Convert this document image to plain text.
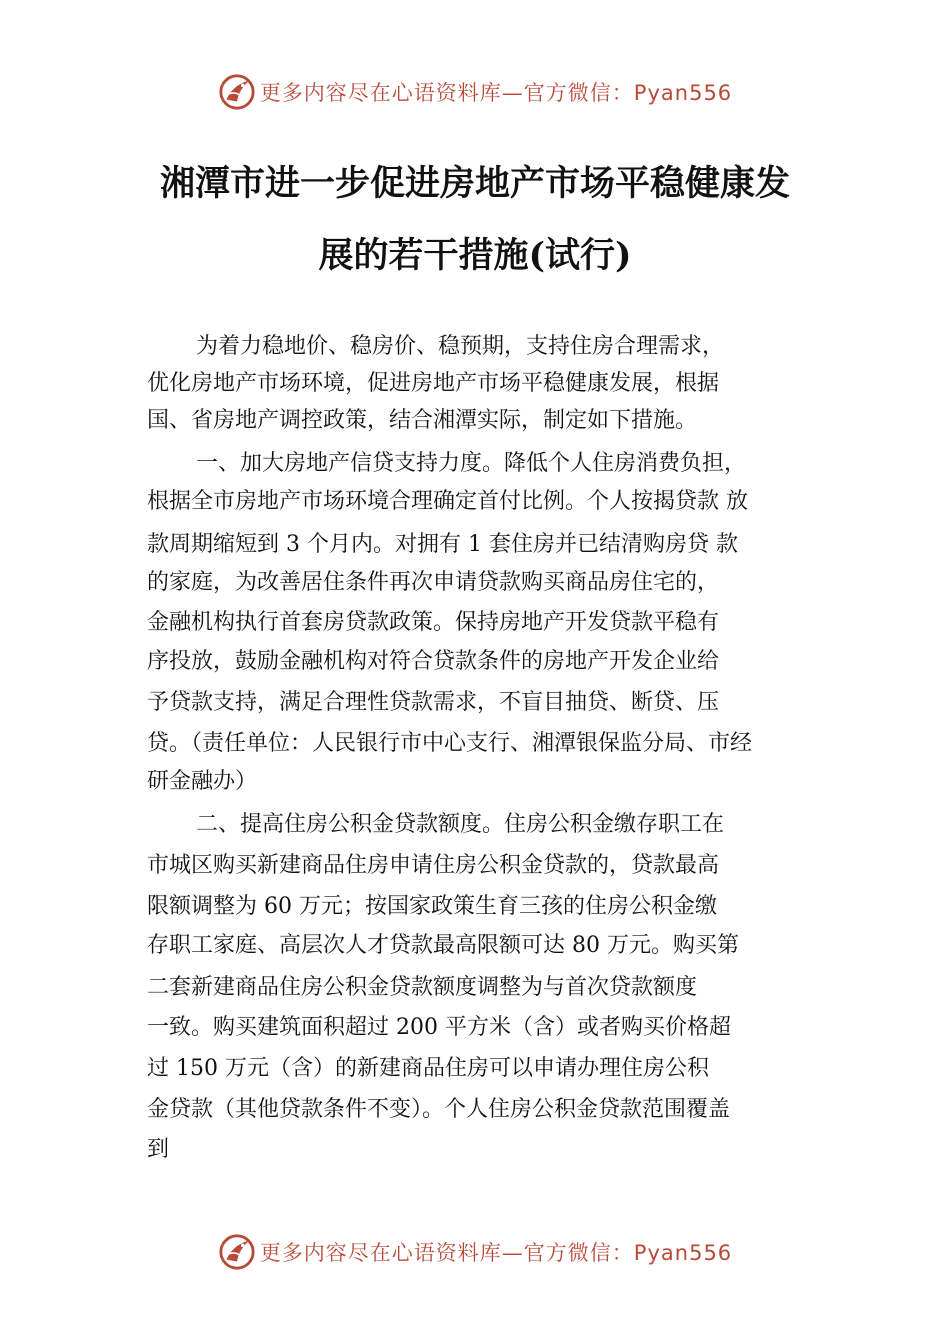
更多内容尽在心语资料库—官方微信：Pyan556
湘潭市进一步促进房地产市场平稳健康发
展的若干措施(试行)

为着力稳地价、稳房价、稳预期，支持住房合理需求，

优化房地产市场环境，促进房地产市场平稳健康发展，根据

国、省房地产调控政策，结合湘潭实际，制定如下措施。

一、加大房地产信贷支持力度。降低个人住房消费负担，

根据全市房地产市场环境合理确定首付比例。个人按揭贷款 放

款周期缩短到 3 个月内。对拥有 1 套住房并已结清购房贷 款

的家庭，为改善居住条件再次申请贷款购买商品房住宅的，

金融机构执行首套房贷款政策。保持房地产开发贷款平稳有

序投放，鼓励金融机构对符合贷款条件的房地产开发企业给

予贷款支持，满足合理性贷款需求，不盲目抽贷、断贷、压

贷。（责任单位：人民银行市中心支行、湘潭银保监分局、市经

研金融办）

二、提高住房公积金贷款额度。住房公积金缴存职工在

市城区购买新建商品住房申请住房公积金贷款的，贷款最高

限额调整为 60 万元；按国家政策生育三孩的住房公积金缴

存职工家庭、高层次人才贷款最高限额可达 80 万元。购买第

二套新建商品住房公积金贷款额度调整为与首次贷款额度

一致。购买建筑面积超过 200 平方米（含）或者购买价格超

过 150 万元（含）的新建商品住房可以申请办理住房公积

金贷款（其他贷款条件不变）。个人住房公积金贷款范围覆盖

到

更多内容尽在心语资料库—官方微信：Pyan556
